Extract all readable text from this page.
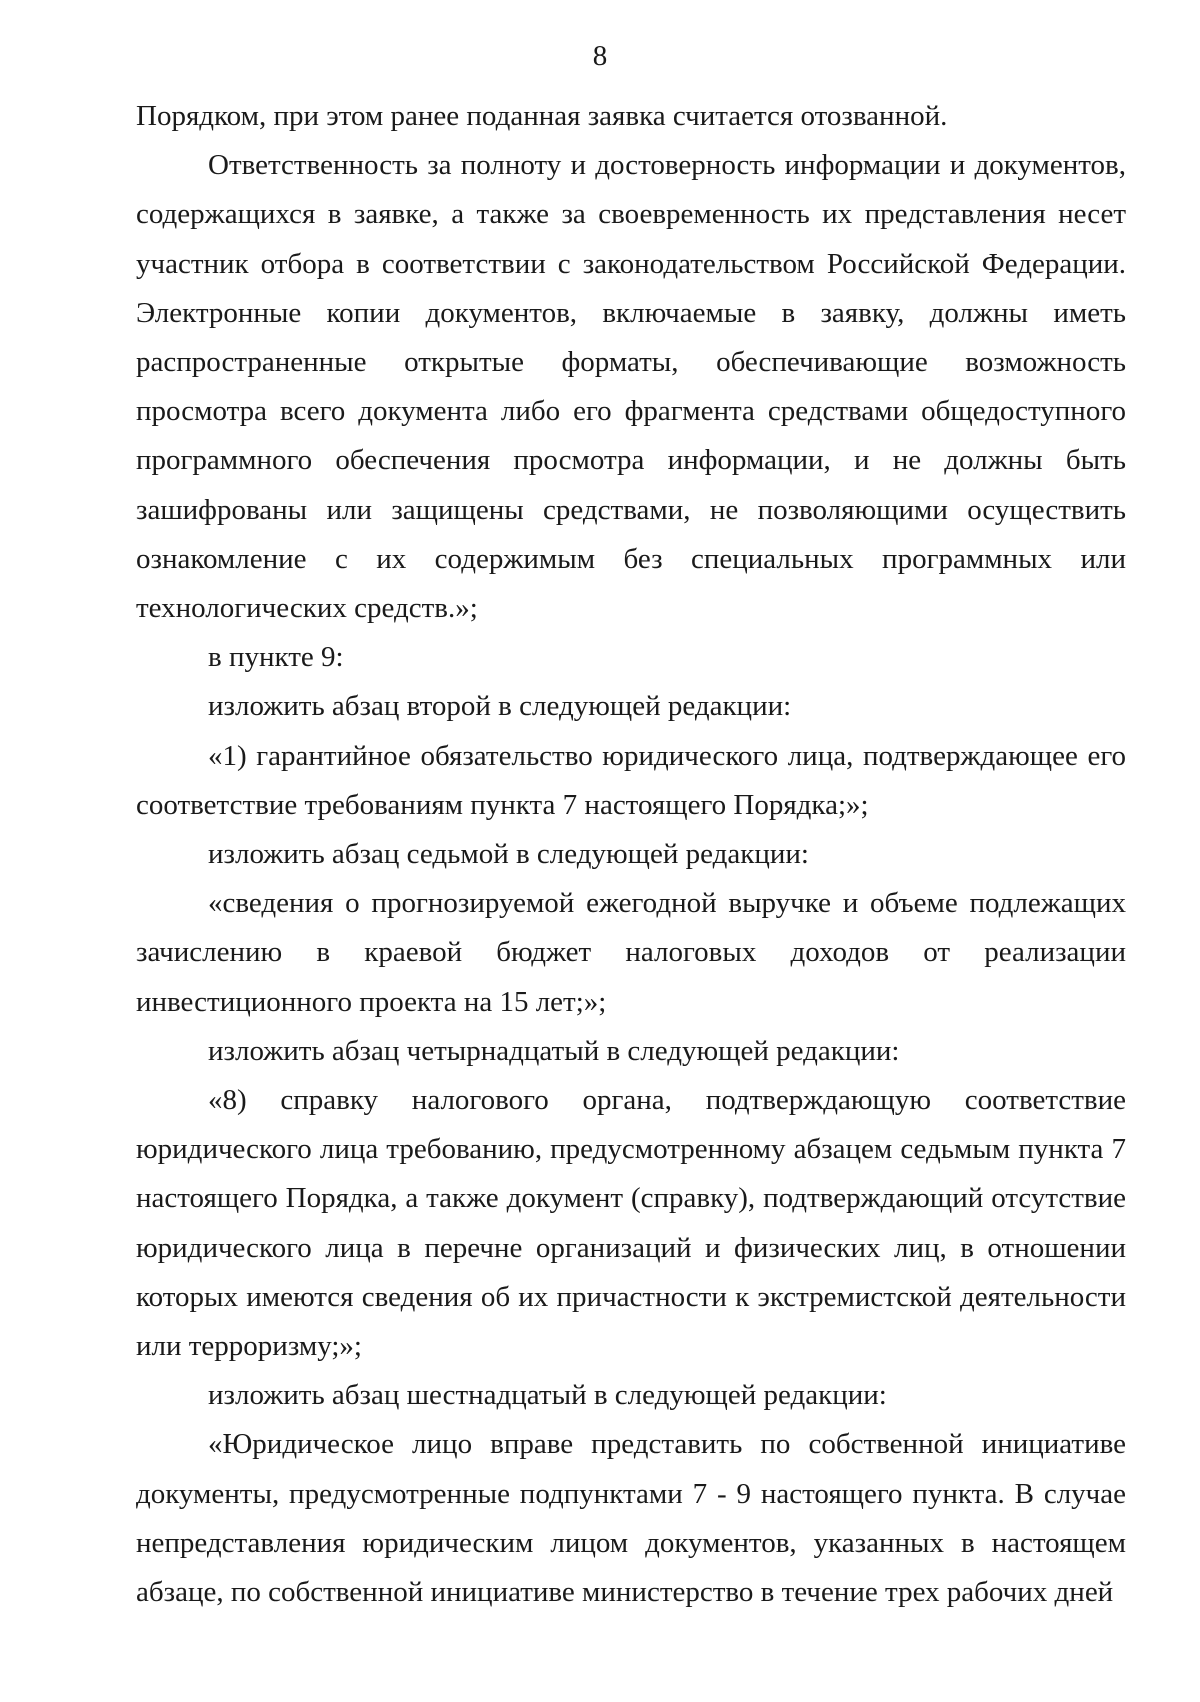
8

Порядком, при этом ранее поданная заявка считается отозванной.

Ответственность за полноту и достоверность информации и документов, содержащихся в заявке, а также за своевременность их представления несет участник отбора в соответствии с законодательством Российской Федерации. Электронные копии документов, включаемые в заявку, должны иметь распространенные открытые форматы, обеспечивающие возможность просмотра всего документа либо его фрагмента средствами общедоступного программного обеспечения просмотра информации, и не должны быть зашифрованы или защищены средствами, не позволяющими осуществить ознакомление с их содержимым без специальных программных или технологических средств.»;

в пункте 9:

изложить абзац второй в следующей редакции:

«1) гарантийное обязательство юридического лица, подтверждающее его соответствие требованиям пункта 7 настоящего Порядка;»;

изложить абзац седьмой в следующей редакции:

«сведения о прогнозируемой ежегодной выручке и объеме подлежащих зачислению в краевой бюджет налоговых доходов от реализации инвестиционного проекта на 15 лет;»;

изложить абзац четырнадцатый в следующей редакции:

«8) справку налогового органа, подтверждающую соответствие юридического лица требованию, предусмотренному абзацем седьмым пункта 7 настоящего Порядка, а также документ (справку), подтверждающий отсутствие юридического лица в перечне организаций и физических лиц, в отношении которых имеются сведения об их причастности к экстремистской деятельности или терроризму;»;

изложить абзац шестнадцатый в следующей редакции:

«Юридическое лицо вправе представить по собственной инициативе документы, предусмотренные подпунктами 7 - 9 настоящего пункта. В случае непредставления юридическим лицом документов, указанных в настоящем абзаце, по собственной инициативе министерство в течение трех рабочих дней
